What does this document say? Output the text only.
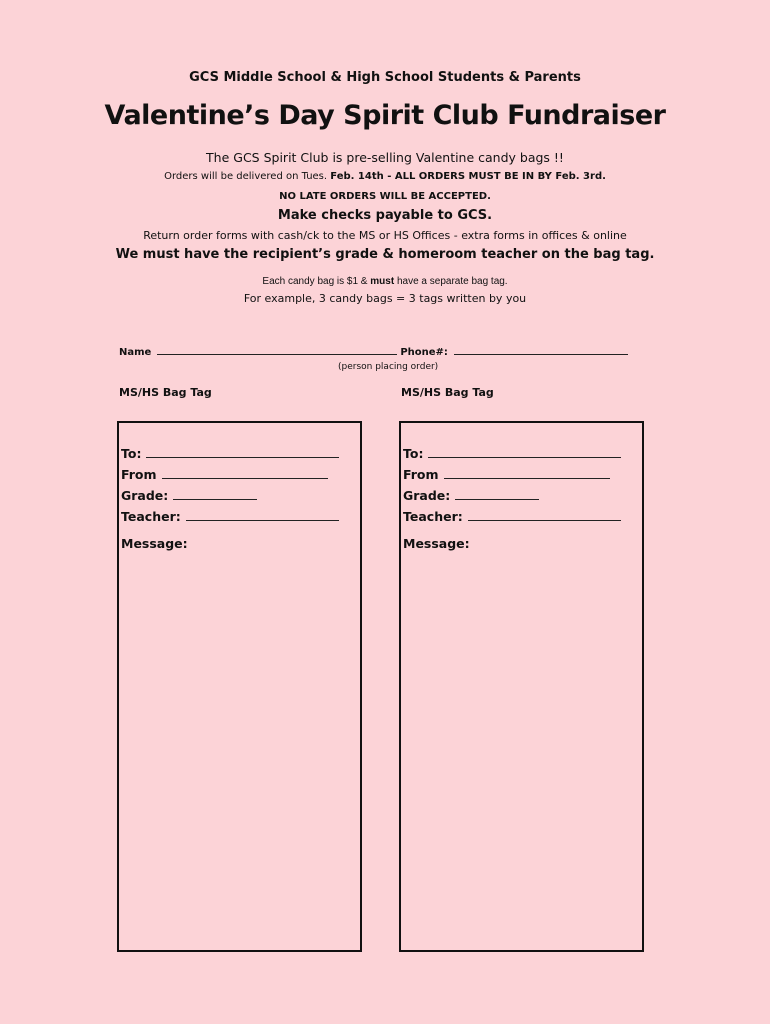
GCS Middle School & High School Students & Parents
Valentine’s Day Spirit Club Fundraiser
The GCS Spirit Club is pre-selling Valentine candy bags !!
Orders will be delivered on Tues. Feb. 14th - ALL ORDERS MUST BE IN BY Feb. 3rd.
NO LATE ORDERS WILL BE ACCEPTED.
Make checks payable to GCS.
Return order forms with cash/ck to the MS or HS Offices - extra forms in offices & online
We must have the recipient’s grade & homeroom teacher on the bag tag.
Each candy bag is $1 & must have a separate bag tag.
For example, 3 candy bags = 3 tags written by you
Name	Phone#:
(person placing order)
MS/HS Bag Tag
To:
From
Grade:
Teacher:
Message:
MS/HS Bag Tag
To:
From
Grade:
Teacher:
Message:
